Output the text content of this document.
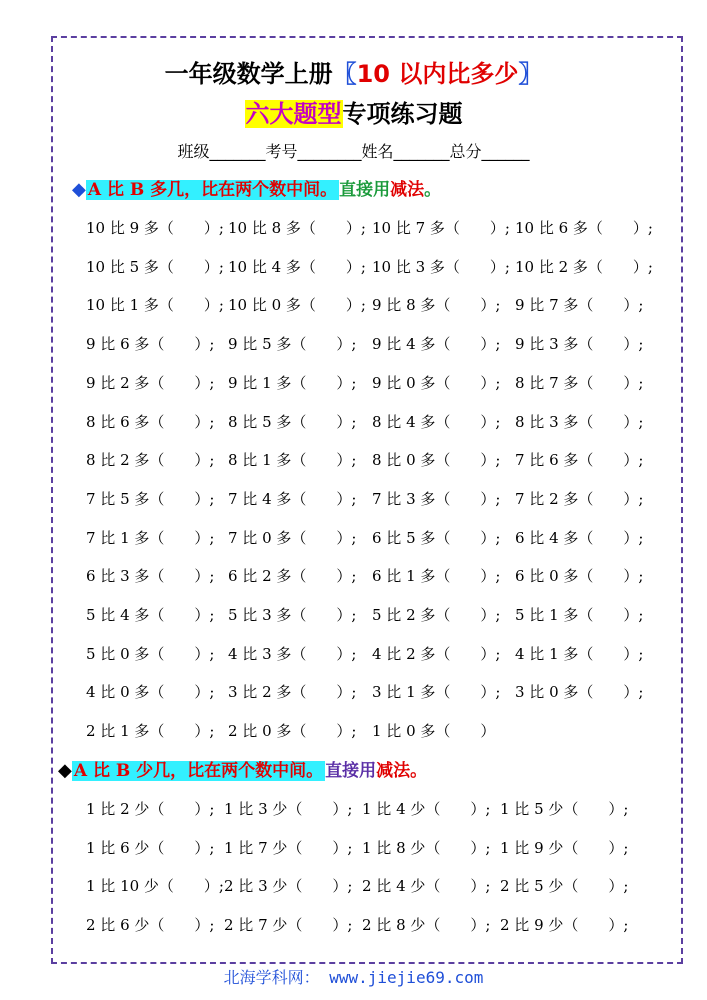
一年级数学上册〖10 以内比多少〗
六大题型专项练习题
班级_______考号________姓名_______总分______
◆ A 比 B 多几，比在两个数中间。 直接用减法。
10 比 9 多（　　）; 10 比 8 多（　　）; 10 比 7 多（　　）; 10 比 6 多（　　）;
10 比 5 多（　　）; 10 比 4 多（　　）; 10 比 3 多（　　）; 10 比 2 多（　　）;
10 比 1 多（　　）; 10 比 0 多（　　）; 9 比 8 多（　　）; 9 比 7 多（　　）;
9 比 6 多（　　）; 9 比 5 多（　　）; 9 比 4 多（　　）; 9 比 3 多（　　）;
9 比 2 多（　　）; 9 比 1 多（　　）; 9 比 0 多（　　）; 8 比 7 多（　　）;
8 比 6 多（　　）; 8 比 5 多（　　）; 8 比 4 多（　　）; 8 比 3 多（　　）;
8 比 2 多（　　）; 8 比 1 多（　　）; 8 比 0 多（　　）; 7 比 6 多（　　）;
7 比 5 多（　　）; 7 比 4 多（　　）; 7 比 3 多（　　）; 7 比 2 多（　　）;
7 比 1 多（　　）; 7 比 0 多（　　）; 6 比 5 多（　　）; 6 比 4 多（　　）;
6 比 3 多（　　）; 6 比 2 多（　　）; 6 比 1 多（　　）; 6 比 0 多（　　）;
5 比 4 多（　　）; 5 比 3 多（　　）; 5 比 2 多（　　）; 5 比 1 多（　　）;
5 比 0 多（　　）; 4 比 3 多（　　）; 4 比 2 多（　　）; 4 比 1 多（　　）;
4 比 0 多（　　）; 3 比 2 多（　　）; 3 比 1 多（　　）; 3 比 0 多（　　）;
2 比 1 多（　　）; 2 比 0 多（　　）; 1 比 0 多（　　）
◆ A 比 B 少几，比在两个数中间。 直接用减法。
1 比 2 少（　　）; 1 比 3 少（　　）; 1 比 4 少（　　）; 1 比 5 少（　　）;
1 比 6 少（　　）; 1 比 7 少（　　）; 1 比 8 少（　　）; 1 比 9 少（　　）;
1 比 10 少（　　）; 2 比 3 少（　　）; 2 比 4 少（　　）; 2 比 5 少（　　）;
2 比 6 少（　　）; 2 比 7 少（　　）; 2 比 8 少（　　）; 2 比 9 少（　　）;
北海学科网： www.jiejie69.com
